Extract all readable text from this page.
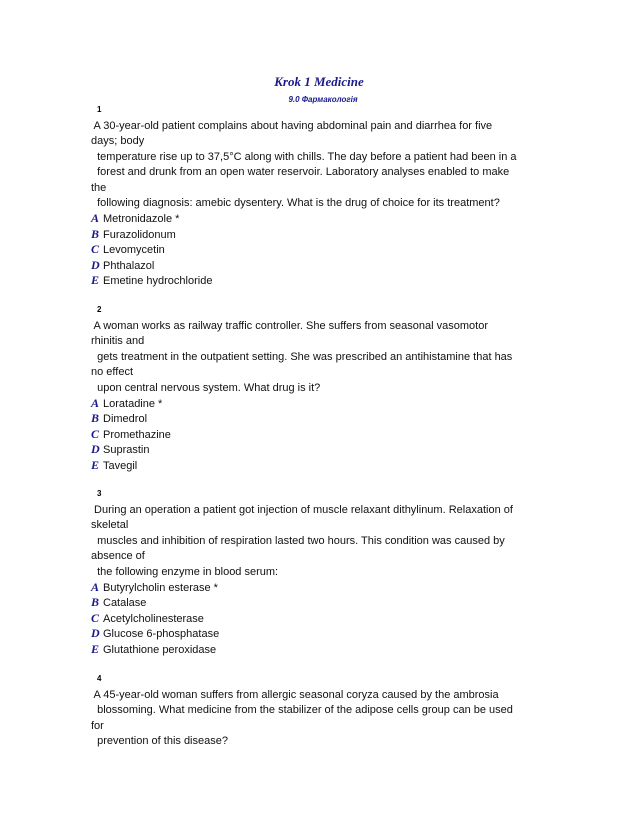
Krok 1 Medicine
9.0 Фармакологія
1
A 30-year-old patient complains about having abdominal pain and diarrhea for five
days; body
temperature rise up to 37,5°C along with chills. The day before a patient had been in a
forest and drunk from an open water reservoir. Laboratory analyses enabled to make
the
following diagnosis: amebic dysentery. What is the drug of choice for its treatment?
A Metronidazole *
B Furazolidonum
C Levomycetin
D Phthalazol
E Emetine hydrochloride
2
A woman works as railway traffic controller. She suffers from seasonal vasomotor
rhinitis and
gets treatment in the outpatient setting. She was prescribed an antihistamine that has
no effect
upon central nervous system. What drug is it?
A Loratadine *
B Dimedrol
C Promethazine
D Suprastin
E Tavegil
3
During an operation a patient got injection of muscle relaxant dithylinum. Relaxation of
skeletal
muscles and inhibition of respiration lasted two hours. This condition was caused by
absence of
the following enzyme in blood serum:
A Butyrylcholin esterase *
B Catalase
C Acetylcholinesterase
D Glucose 6-phosphatase
E Glutathione peroxidase
4
A 45-year-old woman suffers from allergic seasonal coryza caused by the ambrosia
blossoming. What medicine from the stabilizer of the adipose cells group can be used
for
prevention of this disease?
